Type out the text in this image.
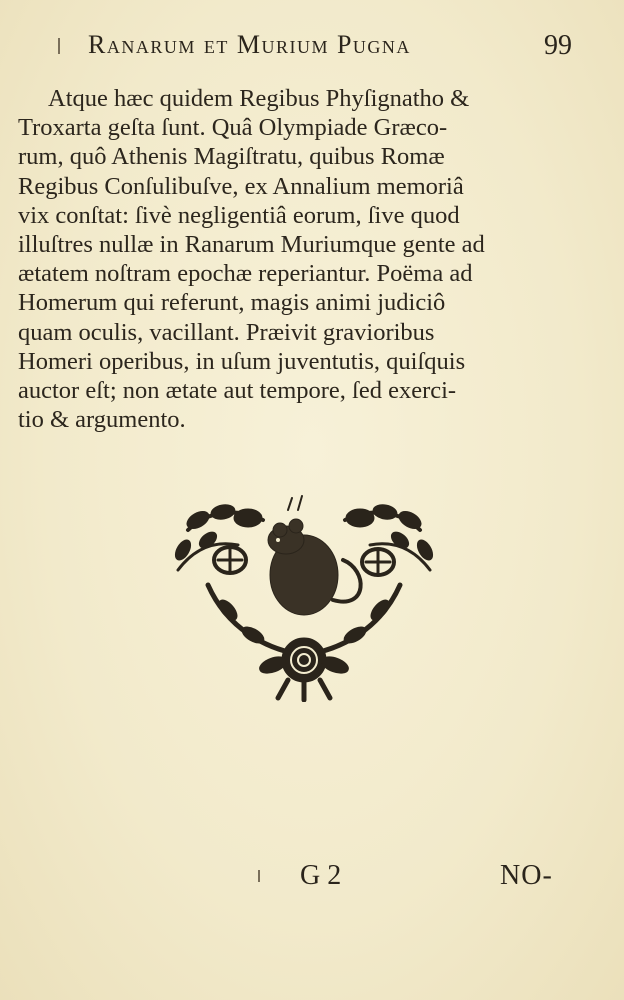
Ranarum et Murium Pugna	99
Atque hæc quidem Regibus Phyſignatho &
Troxarta geſta ſunt. Quâ Olympiade Græco-
rum, quô Athenis Magiſtratu, quibus Romæ
Regibus Conſulibuſve, ex Annalium memoriâ
vix conſtat: ſivè negligentiâ eorum, ſive quod
illuſtres nullæ in Ranarum Muriumque gente ad
ætatem noſtram epochæ reperiantur. Poëma ad
Homerum qui referunt, magis animi judiciô
quam oculis, vacillant. Præivit gravioribus
Homeri operibus, in uſum juventutis, quiſquis
auctor eſt; non ætate aut tempore, ſed exerci-
tio & argumento.
G 2	NO-
